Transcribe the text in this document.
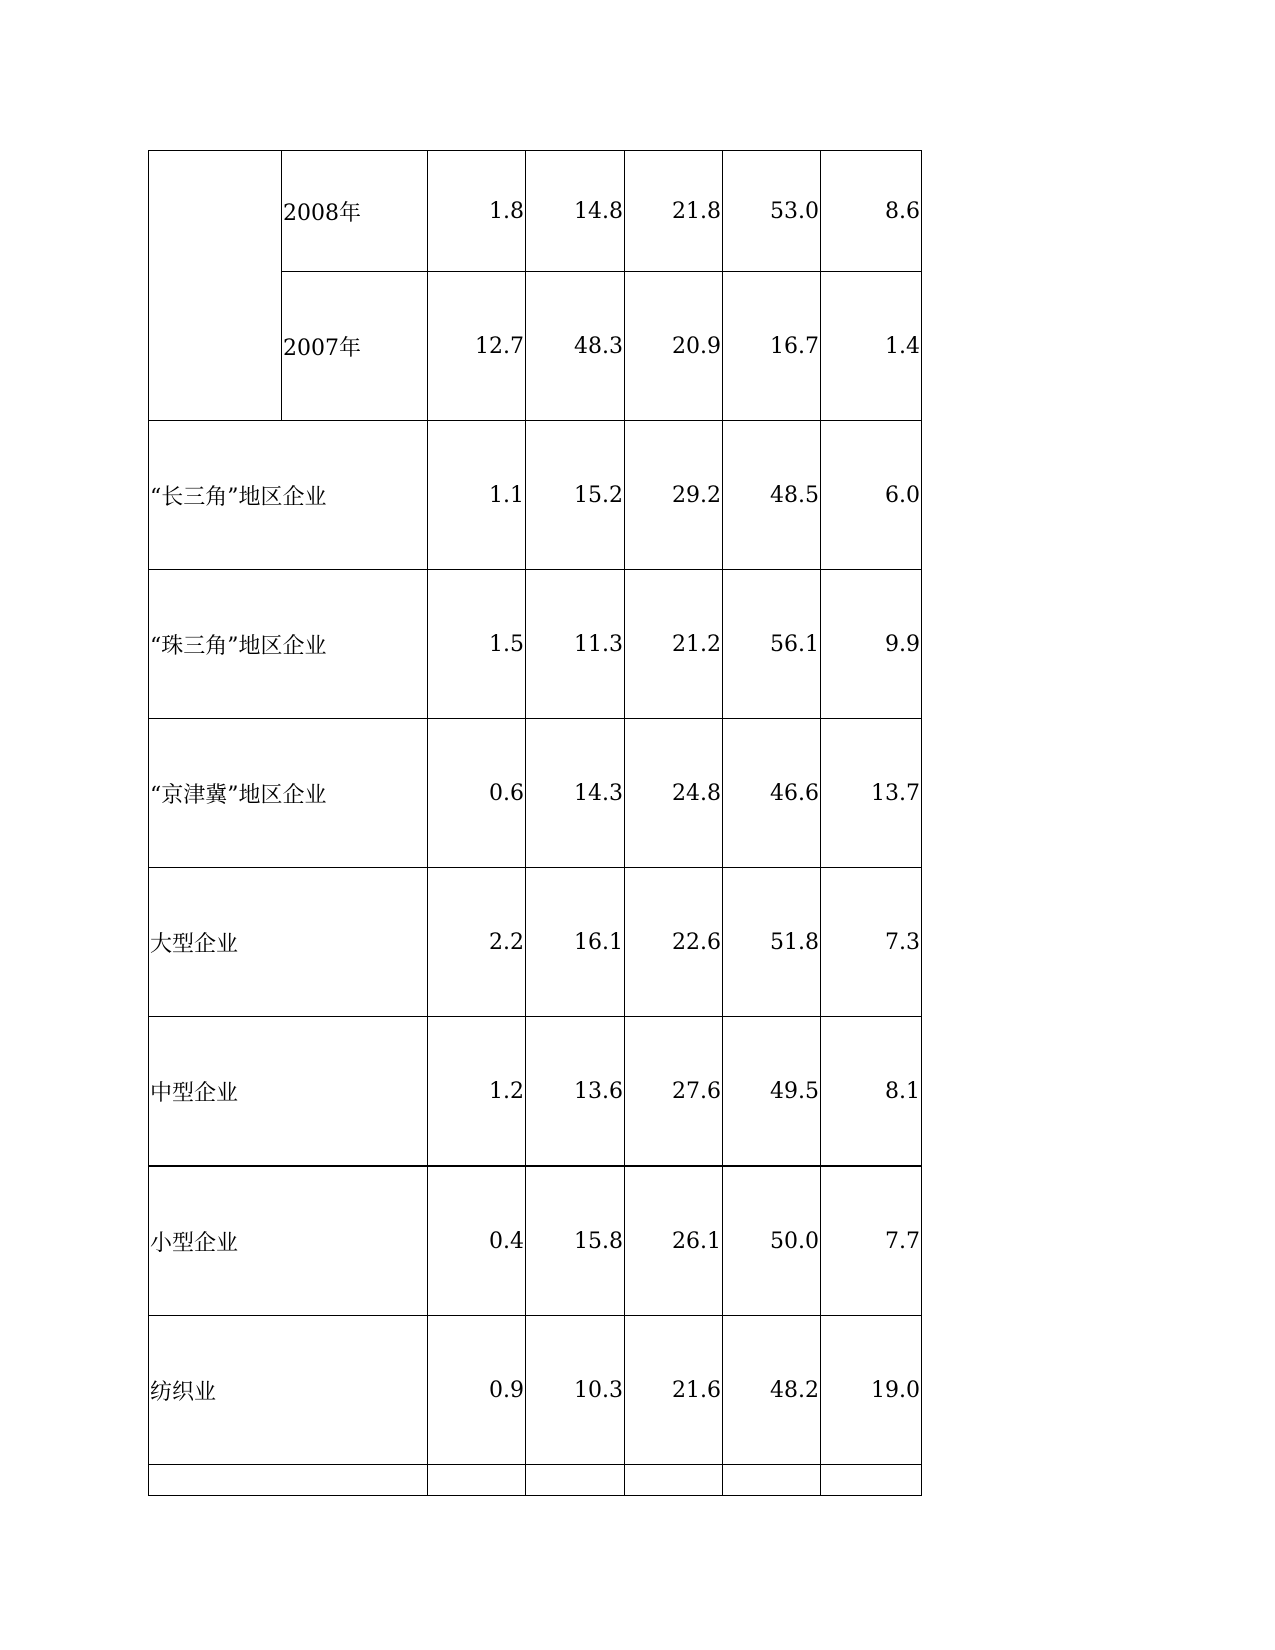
	2008年	1.8	14.8	21.8	53.0	8.6
	2007年	12.7	48.3	20.9	16.7	1.4
“长三角”地区企业		1.1	15.2	29.2	48.5	6.0
“珠三角”地区企业		1.5	11.3	21.2	56.1	9.9
“京津冀”地区企业		0.6	14.3	24.8	46.6	13.7
大型企业		2.2	16.1	22.6	51.8	7.3
中型企业		1.2	13.6	27.6	49.5	8.1
小型企业		0.4	15.8	26.1	50.0	7.7
纺织业		0.9	10.3	21.6	48.2	19.0
